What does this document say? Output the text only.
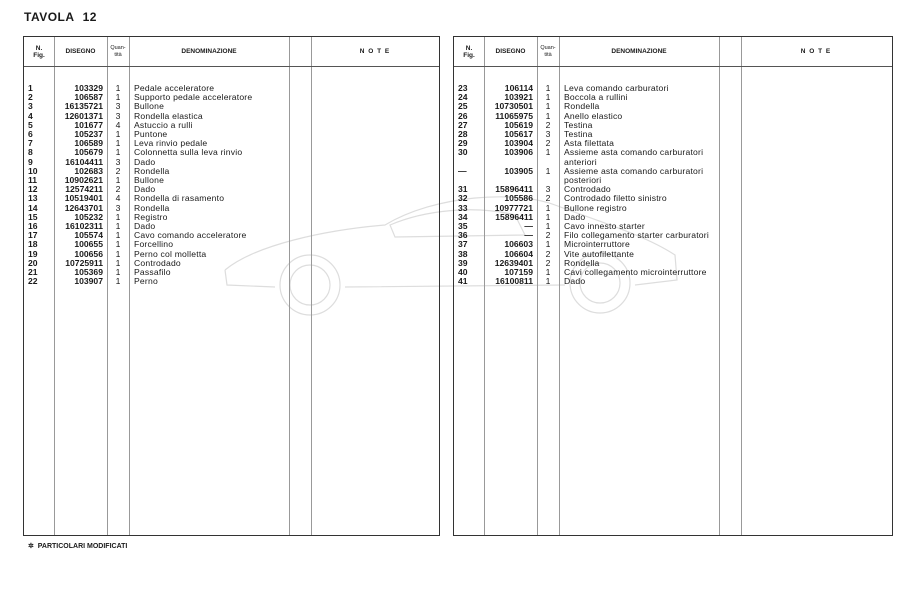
TAVOLA 12
N.
Fig.	DISEGNO
Quan-
tità	DENOMINAZIONE	N O T E
1	103329	1	Pedale acceleratore
2	106587	1	Supporto pedale acceleratore
3	16135721	3	Bullone
4	12601371	3	Rondella elastica
5	101677	4	Astuccio a rulli
6	105237	1	Puntone
7	106589	1	Leva rinvio pedale
8	105679	1	Colonnetta sulla leva rinvio
9	16104411	3	Dado
10	102683	2	Rondella
11	10902621	1	Bullone
12	12574211	2	Dado
13	10519401	4	Rondella di rasamento
14	12643701	3	Rondella
15	105232	1	Registro
16	16102311	1	Dado
17	105574	1	Cavo comando acceleratore
18	100655	1	Forcellino
19	100656	1	Perno col molletta
20	10725911	1	Controdado
21	105369	1	Passafilo
22	103907	1	Perno
N.
Fig.	DISEGNO
Quan-
tità	DENOMINAZIONE	N O T E
23	106114	1	Leva comando carburatori
24	103921	1	Boccola a rullini
25	10730501	1	Rondella
26	11065975	1	Anello elastico
27	105619	2	Testina
28	105617	3	Testina
29	103904	2	Asta filettata
30	103906	1	Assieme asta comando carburatori
anteriori
—	103905	1	Assieme asta comando carburatori
posteriori
31	15896411	3	Controdado
32	105586	2	Controdado filetto sinistro
33	10977721	1	Bullone registro
34	15896411	1	Dado
35	—	1	Cavo innesto starter
36	—	2	Filo collegamento starter carburatori
37	106603	1	Microinterruttore
38	106604	2	Vite autofilettante
39	12639401	2	Rondella
40	107159	1	Cavi collegamento microinterruttore
41	16100811	1	Dado
✲ PARTICOLARI MODIFICATI
